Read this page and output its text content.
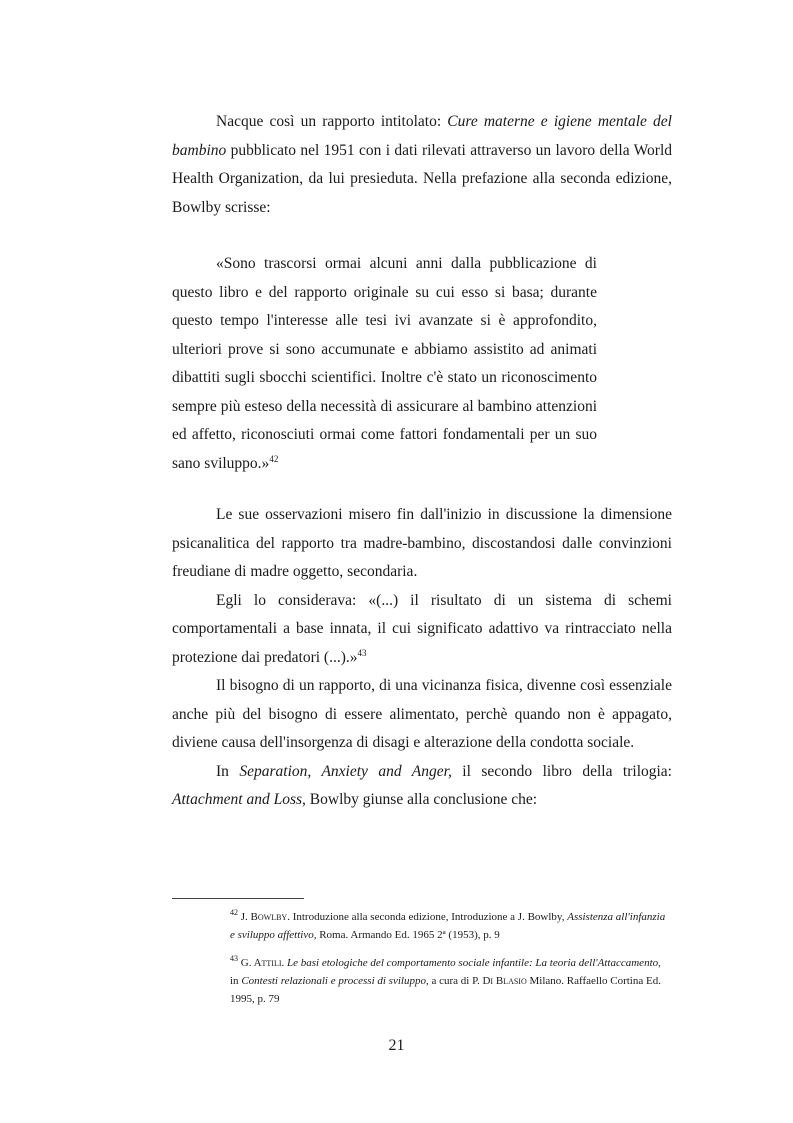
Nacque così un rapporto intitolato: Cure materne e igiene mentale del bambino pubblicato nel 1951 con i dati rilevati attraverso un lavoro della World Health Organization, da lui presieduta. Nella prefazione alla seconda edizione, Bowlby scrisse:

«Sono trascorsi ormai alcuni anni dalla pubblicazione di questo libro e del rapporto originale su cui esso si basa; durante questo tempo l'interesse alle tesi ivi avanzate si è approfondito, ulteriori prove si sono accumunate e abbiamo assistito ad animati dibattiti sugli sbocchi scientifici. Inoltre c'è stato un riconoscimento sempre più esteso della necessità di assicurare al bambino attenzioni ed affetto, riconosciuti ormai come fattori fondamentali per un suo sano sviluppo.»$^{42}$

Le sue osservazioni misero fin dall'inizio in discussione la dimensione psicanalitica del rapporto tra madre-bambino, discostandosi dalle convinzioni freudiane di madre oggetto, secondaria.

Egli lo considerava: «(...) il risultato di un sistema di schemi comportamentali a base innata, il cui significato adattivo va rintracciato nella protezione dai predatori (...).»$^{43}$

Il bisogno di un rapporto, di una vicinanza fisica, divenne così essenziale anche più del bisogno di essere alimentato, perchè quando non è appagato, diviene causa dell'insorgenza di disagi e alterazione della condotta sociale.

In Separation, Anxiety and Anger, il secondo libro della trilogia: Attachment and Loss, Bowlby giunse alla conclusione che:

$^{42}$ J. Bowlby. Introduzione alla seconda edizione, Introduzione a J. Bowlby, Assistenza all'infanzia e sviluppo affettivo, Roma. Armando Ed. 1965 2ª (1953), p. 9

$^{43}$ G. Attili. Le basi etologiche del comportamento sociale infantile: La teoria dell'Attaccamento, in Contesti relazionali e processi di sviluppo, a cura di P. Di Blasio Milano. Raffaello Cortina Ed. 1995, p. 79

21
